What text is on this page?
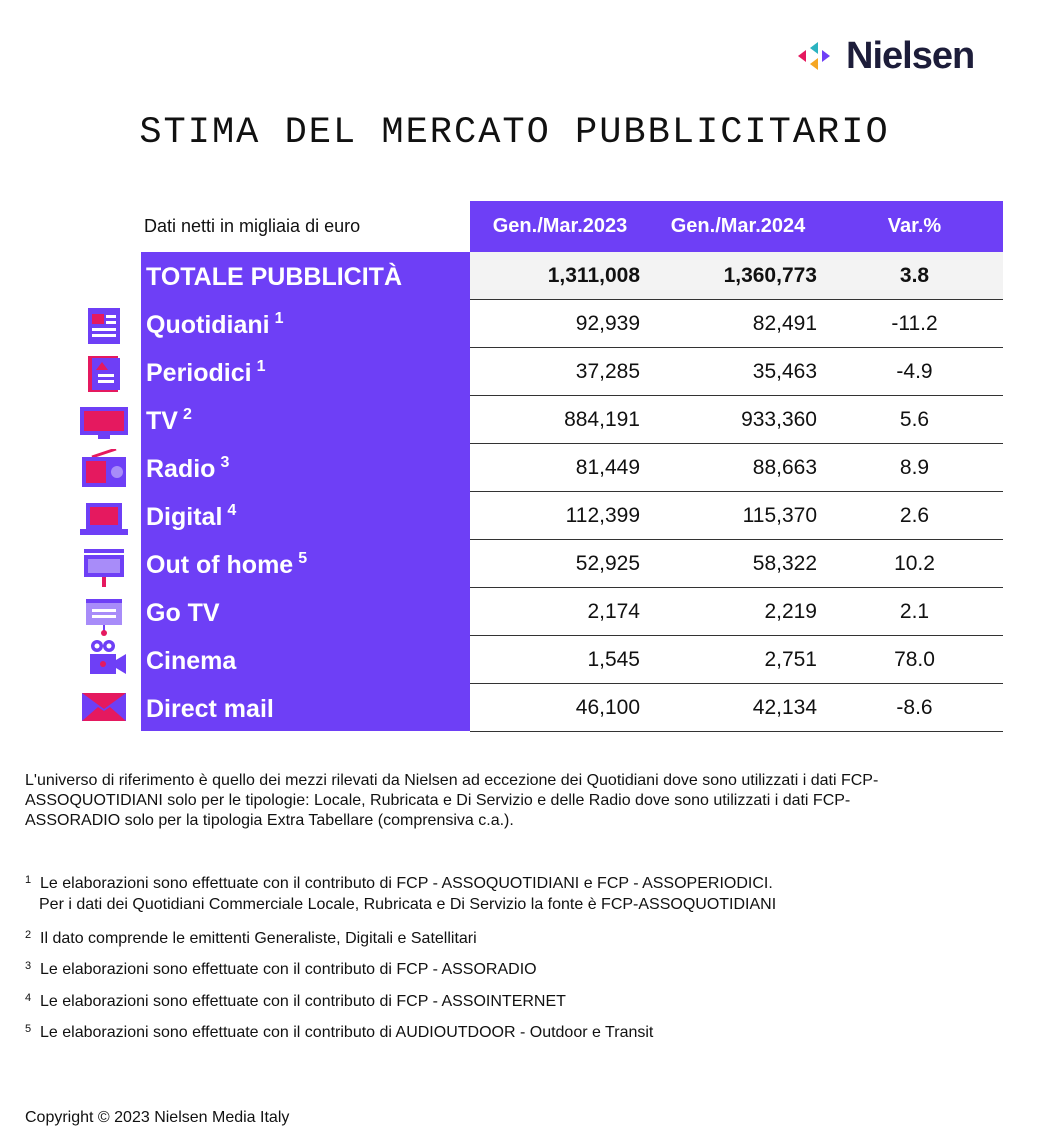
Nielsen
STIMA DEL MERCATO PUBBLICITARIO
Dati netti in migliaia di euro	Gen./Mar.2023	Gen./Mar.2024	Var.%
TOTALE PUBBLICITÀ	1,311,008	1,360,773	3.8
Quotidiani $^1$	92,939	82,491	-11.2
Periodici $^1$	37,285	35,463	-4.9
TV $^2$	884,191	933,360	5.6
Radio $^3$	81,449	88,663	8.9
Digital $^4$	112,399	115,370	2.6
Out of home $^5$	52,925	58,322	10.2
Go TV	2,174	2,219	2.1
Cinema	1,545	2,751	78.0
Direct mail	46,100	42,134	-8.6
L'universo di riferimento è quello dei mezzi rilevati da Nielsen ad eccezione dei Quotidiani dove sono utilizzati i dati FCP-
ASSOQUOTIDIANI solo per le tipologie: Locale, Rubricata e Di Servizio e delle Radio dove sono utilizzati i dati FCP-
ASSORADIO solo per la tipologia Extra Tabellare (comprensiva c.a.).
$^1$ Le elaborazioni sono effettuate con il contributo di FCP - ASSOQUOTIDIANI e FCP - ASSOPERIODICI.
Per i dati dei Quotidiani Commerciale Locale, Rubricata e Di Servizio la fonte è FCP-ASSOQUOTIDIANI
$^2$ Il dato comprende le emittenti Generaliste, Digitali e Satellitari
$^3$ Le elaborazioni sono effettuate con il contributo di FCP - ASSORADIO
$^4$ Le elaborazioni sono effettuate con il contributo di FCP - ASSOINTERNET
$^5$ Le elaborazioni sono effettuate con il contributo di AUDIOUTDOOR - Outdoor e Transit
Copyright © 2023 Nielsen Media Italy
